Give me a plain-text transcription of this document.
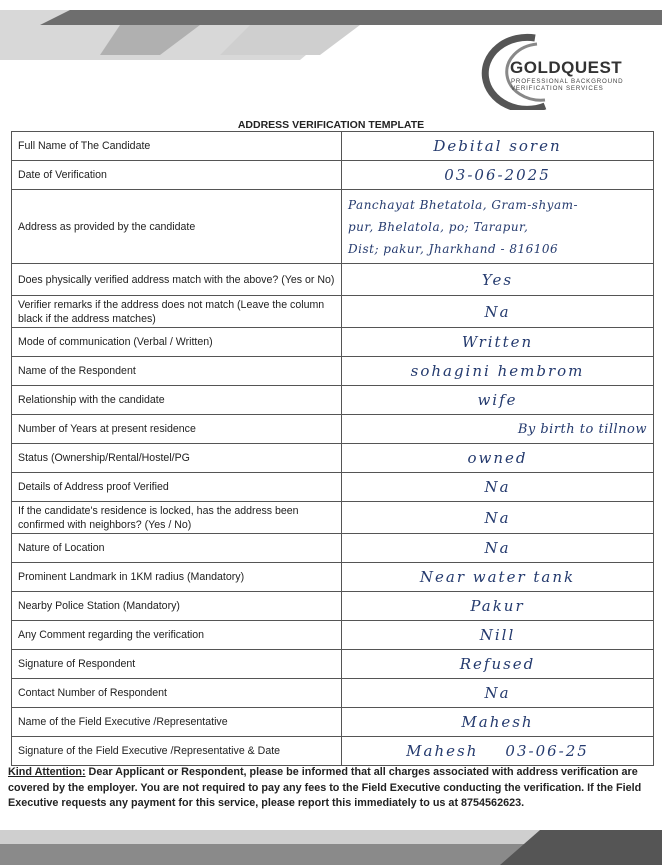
GOLDQUEST
PROFESSIONAL BACKGROUND
VERIFICATION SERVICES
ADDRESS VERIFICATION TEMPLATE
Full Name of The Candidate	Debital soren
Date of Verification	03-06-2025
Address as provided by the candidate	Panchayat Bhetatola, Gram-shyam-
pur, Bhelatola, po; Tarapur,
Dist; pakur, Jharkhand - 816106

Does physically verified address match with the above? (Yes or No)	Yes
Verifier remarks if the address does not match (Leave the column black if the address matches)	Na
Mode of communication (Verbal / Written)	Written
Name of the Respondent	sohagini hembrom
Relationship with the candidate	wife
Number of Years at present residence	By birth to tillnow
Status (Ownership/Rental/Hostel/PG	owned
Details of Address proof Verified	Na
If the candidate's residence is locked, has the address been confirmed with neighbors? (Yes / No)	Na
Nature of Location	Na
Prominent Landmark in 1KM radius (Mandatory)	Near water tank
Nearby Police Station (Mandatory)	Pakur
Any Comment regarding the verification	Nill
Signature of Respondent	Refused
Contact Number of Respondent	Na
Name of the Field Executive /Representative	Mahesh
Signature of the Field Executive /Representative & Date	Mahesh    03-06-25
Kind Attention: Dear Applicant or Respondent, please be informed that all charges associated with address verification are covered by the employer. You are not required to pay any fees to the Field Executive conducting the verification. If the Field Executive requests any payment for this service, please report this immediately to us at 8754562623.
